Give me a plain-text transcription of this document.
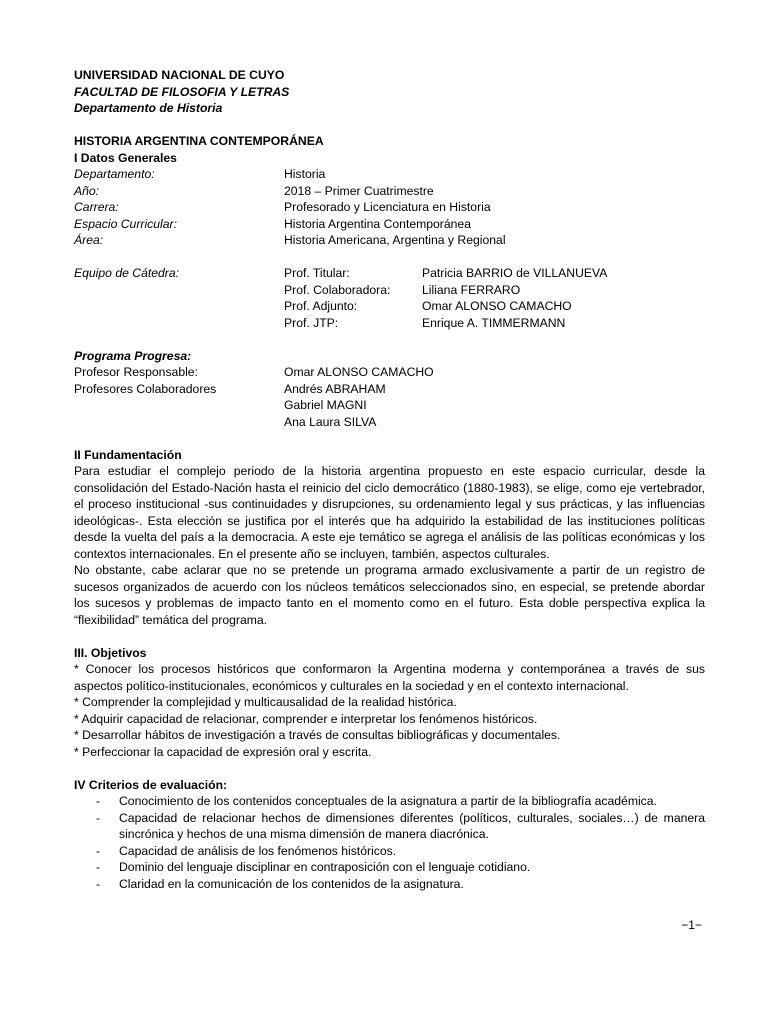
UNIVERSIDAD NACIONAL DE CUYO
FACULTAD DE FILOSOFIA Y LETRAS
Departamento de Historia
HISTORIA ARGENTINA CONTEMPORÁNEA
I Datos Generales
Departamento:	Historia
Año:	2018 – Primer Cuatrimestre
Carrera:	Profesorado y Licenciatura en Historia
Espacio Curricular:	Historia Argentina Contemporánea
Área:	Historia Americana, Argentina y Regional
Equipo de Cátedra:	Prof. Titular:	Patricia BARRIO de VILLANUEVA
Prof. Colaboradora:	Liliana FERRARO
Prof. Adjunto:	Omar ALONSO CAMACHO
Prof. JTP:	Enrique A. TIMMERMANN
Programa Progresa:
Profesor Responsable:	Omar ALONSO CAMACHO
Profesores Colaboradores	Andrés ABRAHAM
Gabriel MAGNI
Ana Laura SILVA
II Fundamentación
Para estudiar el complejo periodo de la historia argentina propuesto en este espacio curricular, desde la consolidación del Estado-Nación hasta el reinicio del ciclo democrático (1880-1983), se elige, como eje vertebrador, el proceso institucional -sus continuidades y disrupciones, su ordenamiento legal y sus prácticas, y las influencias ideológicas-. Esta elección se justifica por el interés que ha adquirido la estabilidad de las instituciones políticas desde la vuelta del país a la democracia. A este eje temático se agrega el análisis de las políticas económicas y los contextos internacionales. En el presente año se incluyen, también, aspectos culturales.
No obstante, cabe aclarar que no se pretende un programa armado exclusivamente a partir de un registro de sucesos organizados de acuerdo con los núcleos temáticos seleccionados sino, en especial, se pretende abordar los sucesos y problemas de impacto tanto en el momento como en el futuro. Esta doble perspectiva explica la “flexibilidad” temática del programa.
III. Objetivos
* Conocer los procesos históricos que conformaron la Argentina moderna y contemporánea a través de sus aspectos político-institucionales, económicos y culturales en la sociedad y en el contexto internacional.
* Comprender la complejidad y multicausalidad de la realidad histórica.
* Adquirir capacidad de relacionar, comprender e interpretar los fenómenos históricos.
* Desarrollar hábitos de investigación a través de consultas bibliográficas y documentales.
* Perfeccionar la capacidad de expresión oral y escrita.
IV Criterios de evaluación:
- Conocimiento de los contenidos conceptuales de la asignatura a partir de la bibliografía académica.
- Capacidad de relacionar hechos de dimensiones diferentes (políticos, culturales, sociales…) de manera sincrónica y hechos de una misma dimensión de manera diacrónica.
- Capacidad de análisis de los fenómenos históricos.
- Dominio del lenguaje disciplinar en contraposición con el lenguaje cotidiano.
- Claridad en la comunicación de los contenidos de la asignatura.
−1−
